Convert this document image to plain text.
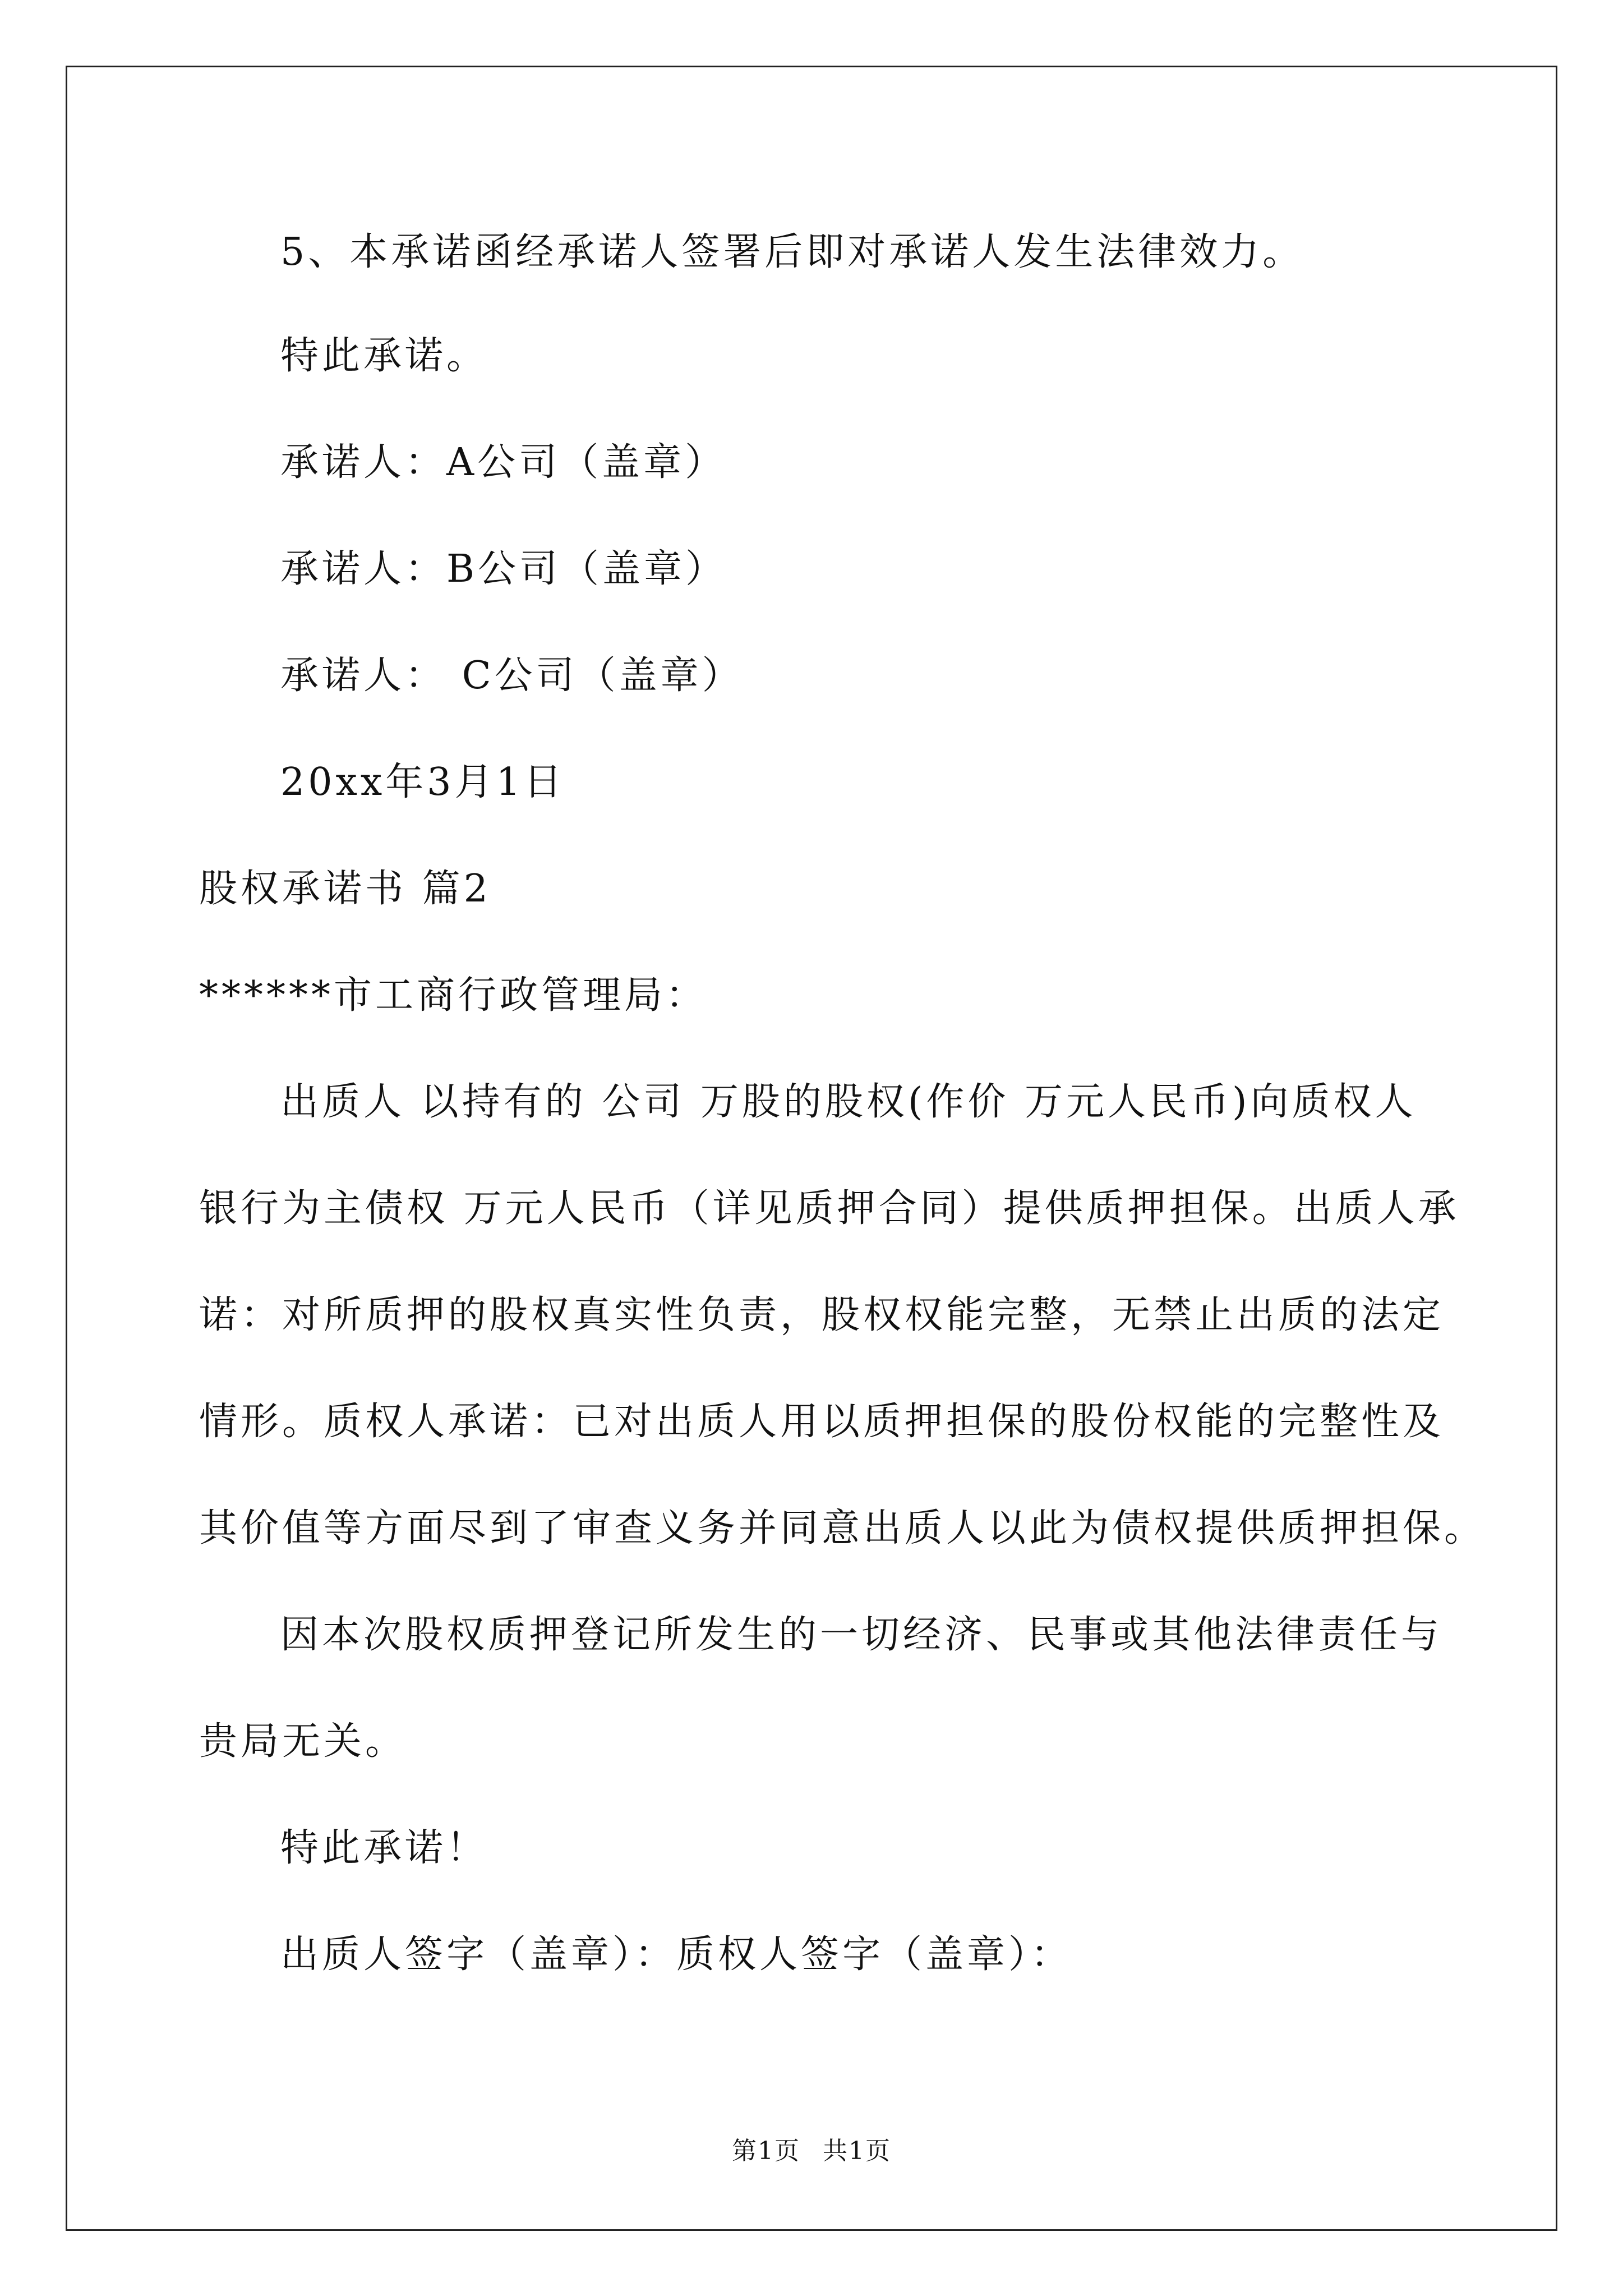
5、本承诺函经承诺人签署后即对承诺人发生法律效力。
特此承诺。
承诺人：A公司（盖章）
承诺人：B公司（盖章）
承诺人： C公司（盖章）
20xx年3月1日
股权承诺书 篇2
******市工商行政管理局：
出质人 以持有的 公司 万股的股权(作价 万元人民币)向质权人
银行为主债权 万元人民币（详见质押合同）提供质押担保。出质人承
诺：对所质押的股权真实性负责，股权权能完整，无禁止出质的法定
情形。质权人承诺：已对出质人用以质押担保的股份权能的完整性及
其价值等方面尽到了审查义务并同意出质人以此为债权提供质押担保。
因本次股权质押登记所发生的一切经济、民事或其他法律责任与
贵局无关。
特此承诺！
出质人签字（盖章）：质权人签字（盖章）：
第1页 共1页
